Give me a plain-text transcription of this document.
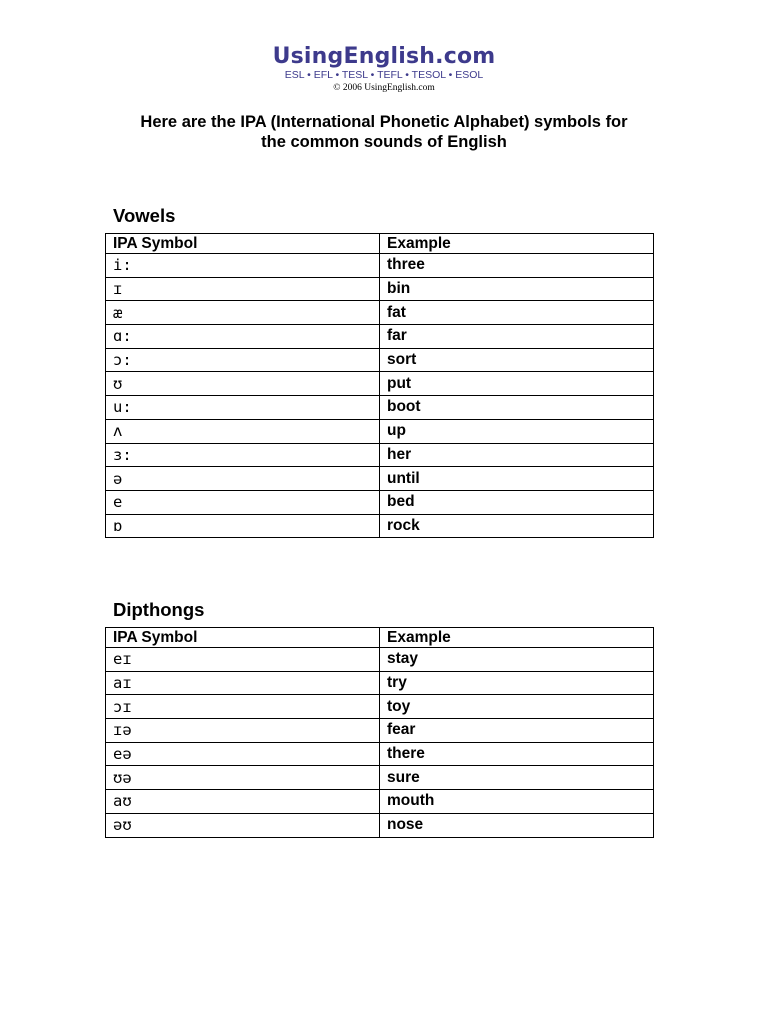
UsingEnglish.com
ESL • EFL • TESL • TEFL • TESOL • ESOL
© 2006 UsingEnglish.com
Here are the IPA (International Phonetic Alphabet) symbols for
the common sounds of English
Vowels
IPA Symbol	Example
i:	three
ɪ	bin
æ	fat
ɑ:	far
ɔ:	sort
ʊ	put
u:	boot
ʌ	up
ɜ:	her
ə	until
e	bed
ɒ	rock
Dipthongs
IPA Symbol	Example
eɪ	stay
aɪ	try
ɔɪ	toy
ɪə	fear
eə	there
ʊə	sure
aʊ	mouth
əʊ	nose
